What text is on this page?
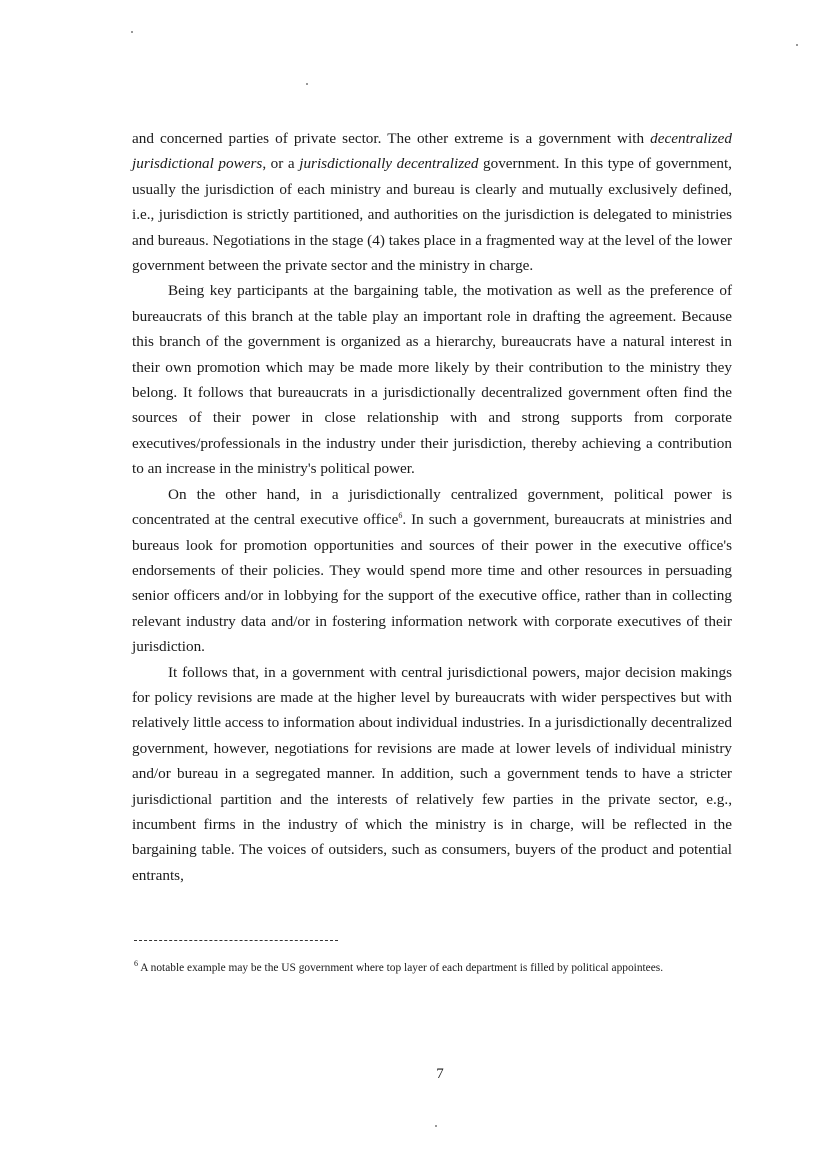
and concerned parties of private sector. The other extreme is a government with decentralized jurisdictional powers, or a jurisdictionally decentralized government. In this type of government, usually the jurisdiction of each ministry and bureau is clearly and mutually exclusively defined, i.e., jurisdiction is strictly partitioned, and authorities on the jurisdiction is delegated to ministries and bureaus. Negotiations in the stage (4) takes place in a fragmented way at the level of the lower government between the private sector and the ministry in charge.

Being key participants at the bargaining table, the motivation as well as the preference of bureaucrats of this branch at the table play an important role in drafting the agreement. Because this branch of the government is organized as a hierarchy, bureaucrats have a natural interest in their own promotion which may be made more likely by their contribution to the ministry they belong. It follows that bureaucrats in a jurisdictionally decentralized government often find the sources of their power in close relationship with and strong supports from corporate executives/professionals in the industry under their jurisdiction, thereby achieving a contribution to an increase in the ministry's political power.

On the other hand, in a jurisdictionally centralized government, political power is concentrated at the central executive office$^6$. In such a government, bureaucrats at ministries and bureaus look for promotion opportunities and sources of their power in the executive office's endorsements of their policies. They would spend more time and other resources in persuading senior officers and/or in lobbying for the support of the executive office, rather than in collecting relevant industry data and/or in fostering information network with corporate executives of their jurisdiction.

It follows that, in a government with central jurisdictional powers, major decision makings for policy revisions are made at the higher level by bureaucrats with wider perspectives but with relatively little access to information about individual industries. In a jurisdictionally decentralized government, however, negotiations for revisions are made at lower levels of individual ministry and/or bureau in a segregated manner. In addition, such a government tends to have a stricter jurisdictional partition and the interests of relatively few parties in the private sector, e.g., incumbent firms in the industry of which the ministry is in charge, will be reflected in the bargaining table. The voices of outsiders, such as consumers, buyers of the product and potential entrants,

$^6$ A notable example may be the US government where top layer of each department is filled by political appointees.
7
